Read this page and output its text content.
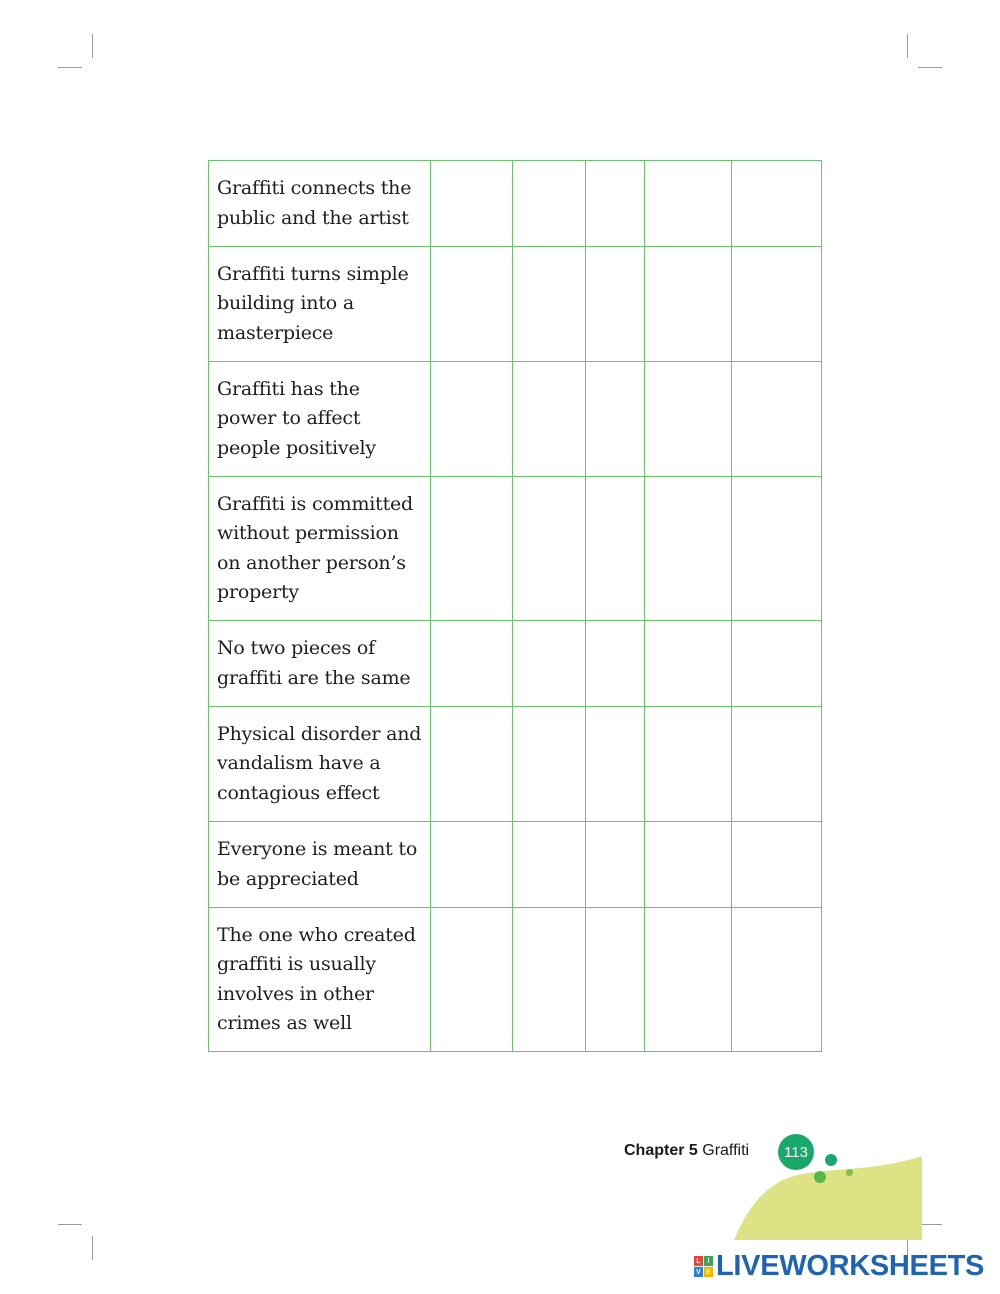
Graffiti connects the public and the artist					
Graffiti turns simple building into a masterpiece					
Graffiti has the power to affect people positively					
Graffiti is committed without permission on another person’s property					
No two pieces of graffiti are the same					
Physical disorder and vandalism have a contagious effect					
Everyone is meant to be appreciated					
The one who created graffiti is usually involves in other crimes as well					
Chapter 5 Graffiti	113
L I
V E LIVEWORKSHEETS
